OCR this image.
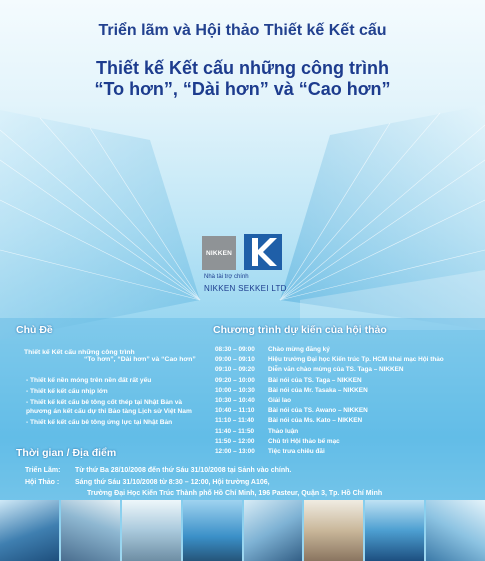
Triển lãm và Hội thảo Thiết kế Kết cấu
Thiết kế Kết cấu những công trình
“To hơn”, “Dài hơn” và “Cao hơn”
NIKKEN
Nhà tài trợ chính
NIKKEN SEKKEI LTD
Chủ Đề
Thiết kế Kết cấu những công trình
“To hơn”, “Dài hơn” và “Cao hơn”
- Thiết kế nền móng trên nền đất rất yếu
- Thiết kế kết cấu nhịp lớn
- Thiết kế kết cấu bê tông cốt thép tại Nhật Bản và phương án kết cấu dự thi Bảo tàng Lịch sử Việt Nam
- Thiết kế kết cấu bê tông ứng lực tại Nhật Bản
Chương trình dự kiến của hội thảo
08:30 – 09:00	Chào mừng đăng ký
09:00 – 09:10	Hiệu trưởng Đại học Kiến trúc Tp. HCM khai mạc Hội thảo
09:10 – 09:20	Diễn văn chào mừng của TS. Taga – NIKKEN
09:20 – 10:00	Bài nói của TS. Taga – NIKKEN
10:00 – 10:30	Bài nói của Mr. Tasaka – NIKKEN
10:30 – 10:40	Giải lao
10:40 – 11:10	Bài nói của TS. Awano – NIKKEN
11:10 – 11:40	Bài nói của Ms. Kato – NIKKEN
11:40 – 11:50	Thảo luận
11:50 – 12:00	Chủ trì Hội thảo bế mạc
12:00 – 13:00	Tiệc trưa chiêu đãi
Thời gian / Địa điểm
Triển Lãm:	Từ thứ Ba 28/10/2008 đến thứ Sáu 31/10/2008 tại Sảnh vào chính.
Hội Thảo :	Sáng thứ Sáu 31/10/2008 từ 8:30 – 12:00, Hội trường A106,
Trường Đại Học Kiến Trúc Thành phố Hồ Chí Minh, 196 Pasteur, Quận 3, Tp. Hồ Chí Minh
